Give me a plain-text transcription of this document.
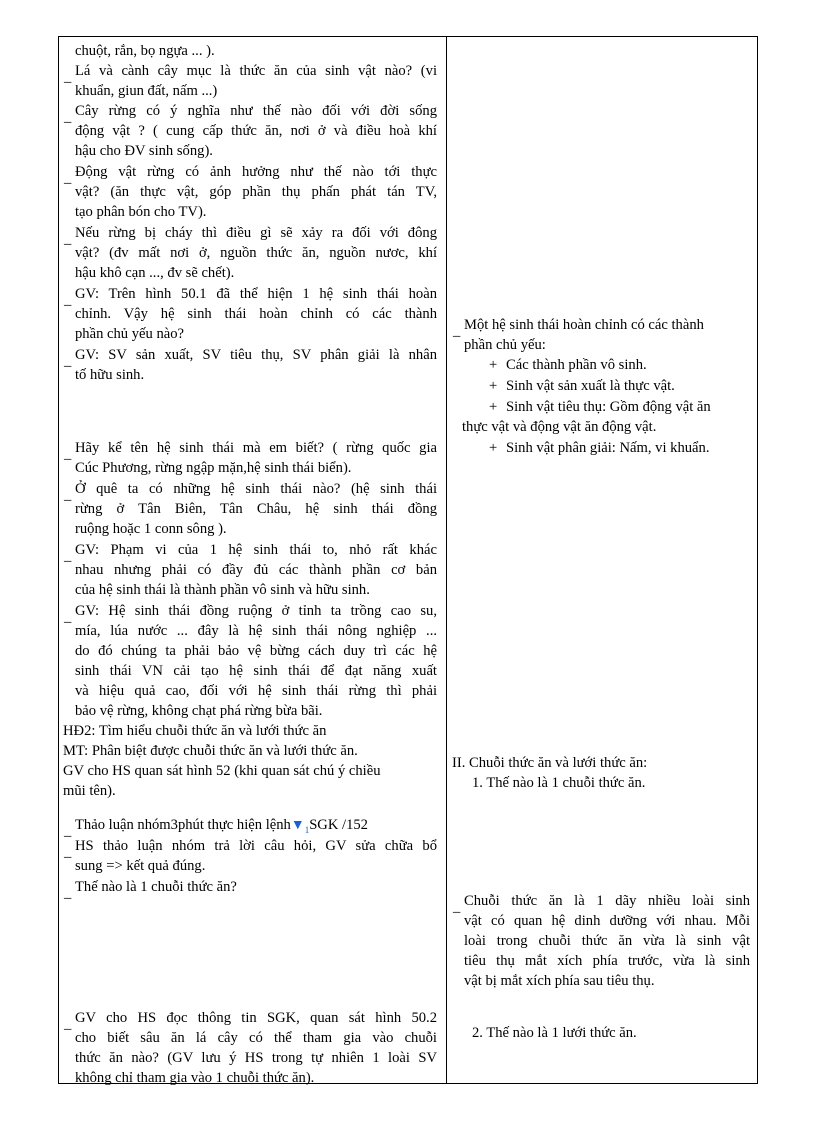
chuột, rắn, bọ ngựa ... ).
_ Lá và cành cây mục là thức ăn của sinh vật nào? (vi
khuẩn, giun đất, nấm ...)
_ Cây rừng có ý nghĩa như thế nào đối với đời sống
động vật ? ( cung cấp thức ăn, nơi ở và điều hoà khí
hậu cho ĐV sinh sống).
_ Động vật rừng có ảnh hưởng như thế nào tới thực
vật? (ăn thực vật, góp phần thụ phấn phát tán TV,
tạo phân bón cho TV).
_ Nếu rừng bị cháy thì điều gì sẽ xảy ra đối với đông
vật? (đv mất nơi ở, nguồn thức ăn, nguồn nươc, khí
hậu khô cạn ..., đv sẽ chết).
_ GV: Trên hình 50.1 đã thể hiện 1 hệ sinh thái hoàn
chỉnh. Vậy hệ sinh thái hoàn chỉnh có các thành
phần chủ yếu nào?
_ GV: SV sản xuất, SV tiêu thụ, SV phân giải là nhân
tố hữu sinh.
_ Hãy kể tên hệ sinh thái mà em biết? ( rừng quốc gia
Cúc Phương, rừng ngập mặn,hệ sinh thái biển).
_ Ở quê ta có những hệ sinh thái nào? (hệ sinh thái
rừng ở Tân Biên, Tân Châu, hệ sinh thái đồng
ruộng hoặc 1 conn sông ).
_ GV: Phạm vi của 1 hệ sinh thái to, nhỏ rất khác
nhau nhưng phải có đầy đủ các thành phần cơ bản
của hệ sinh thái là thành phần vô sinh và hữu sinh.
_ GV: Hệ sinh thái đồng ruộng ở tỉnh ta trồng cao su,
mía, lúa nước ... đây là hệ sinh thái nông nghiệp ...
do đó chúng ta phải bảo vệ bừng cách duy trì các hệ
sinh thái VN cải tạo hệ sinh thái để đạt năng xuất
và hiệu quả cao, đối với hệ sinh thái rừng thì phải
bảo vệ rừng, không chạt phá rừng bừa bãi.
HĐ2: Tìm hiểu chuỗi thức ăn và lưới thức ăn
MT: Phân biệt được chuỗi thức ăn và lưới thức ăn.
GV cho HS quan sát hình 52 (khi quan sát chú ý chiều
mũi tên).
_ Thảo luận nhóm3phút thực hiện $lệnh▼_1SGK$ /152
_ HS thảo luận nhóm trả lời câu hỏi, GV sửa chữa bổ
sung => kết quả đúng.
_ Thế nào là 1 chuỗi thức ăn?
_ GV cho HS đọc thông tin SGK, quan sát hình 50.2
cho biết sâu ăn lá cây có thể tham gia vào chuỗi
thức ăn nào? (GV lưu ý HS trong tự nhiên 1 loài SV
không chỉ tham gia vào 1 chuỗi thức ăn).
_ Một hệ sinh thái hoàn chỉnh có các thành
phần chủ yếu:
+ Các thành phần vô sinh.
+ Sinh vật sản xuất là thực vật.
+ Sinh vật tiêu thụ: Gồm động vật ăn
thực vật và động vật ăn động vật.
+ Sinh vật phân giải: Nấm, vi khuẩn.
II. Chuỗi thức ăn và lưới thức ăn:
1. Thế nào là 1 chuỗi thức ăn.
_ Chuỗi thức ăn là 1 dãy nhiều loài sinh
vật có quan hệ dinh dưỡng với nhau. Mỗi
loài trong chuỗi thức ăn vừa là sinh vật
tiêu thụ mắt xích phía trước, vừa là sinh
vật bị mắt xích phía sau tiêu thụ.
2. Thế nào là 1 lưới thức ăn.
